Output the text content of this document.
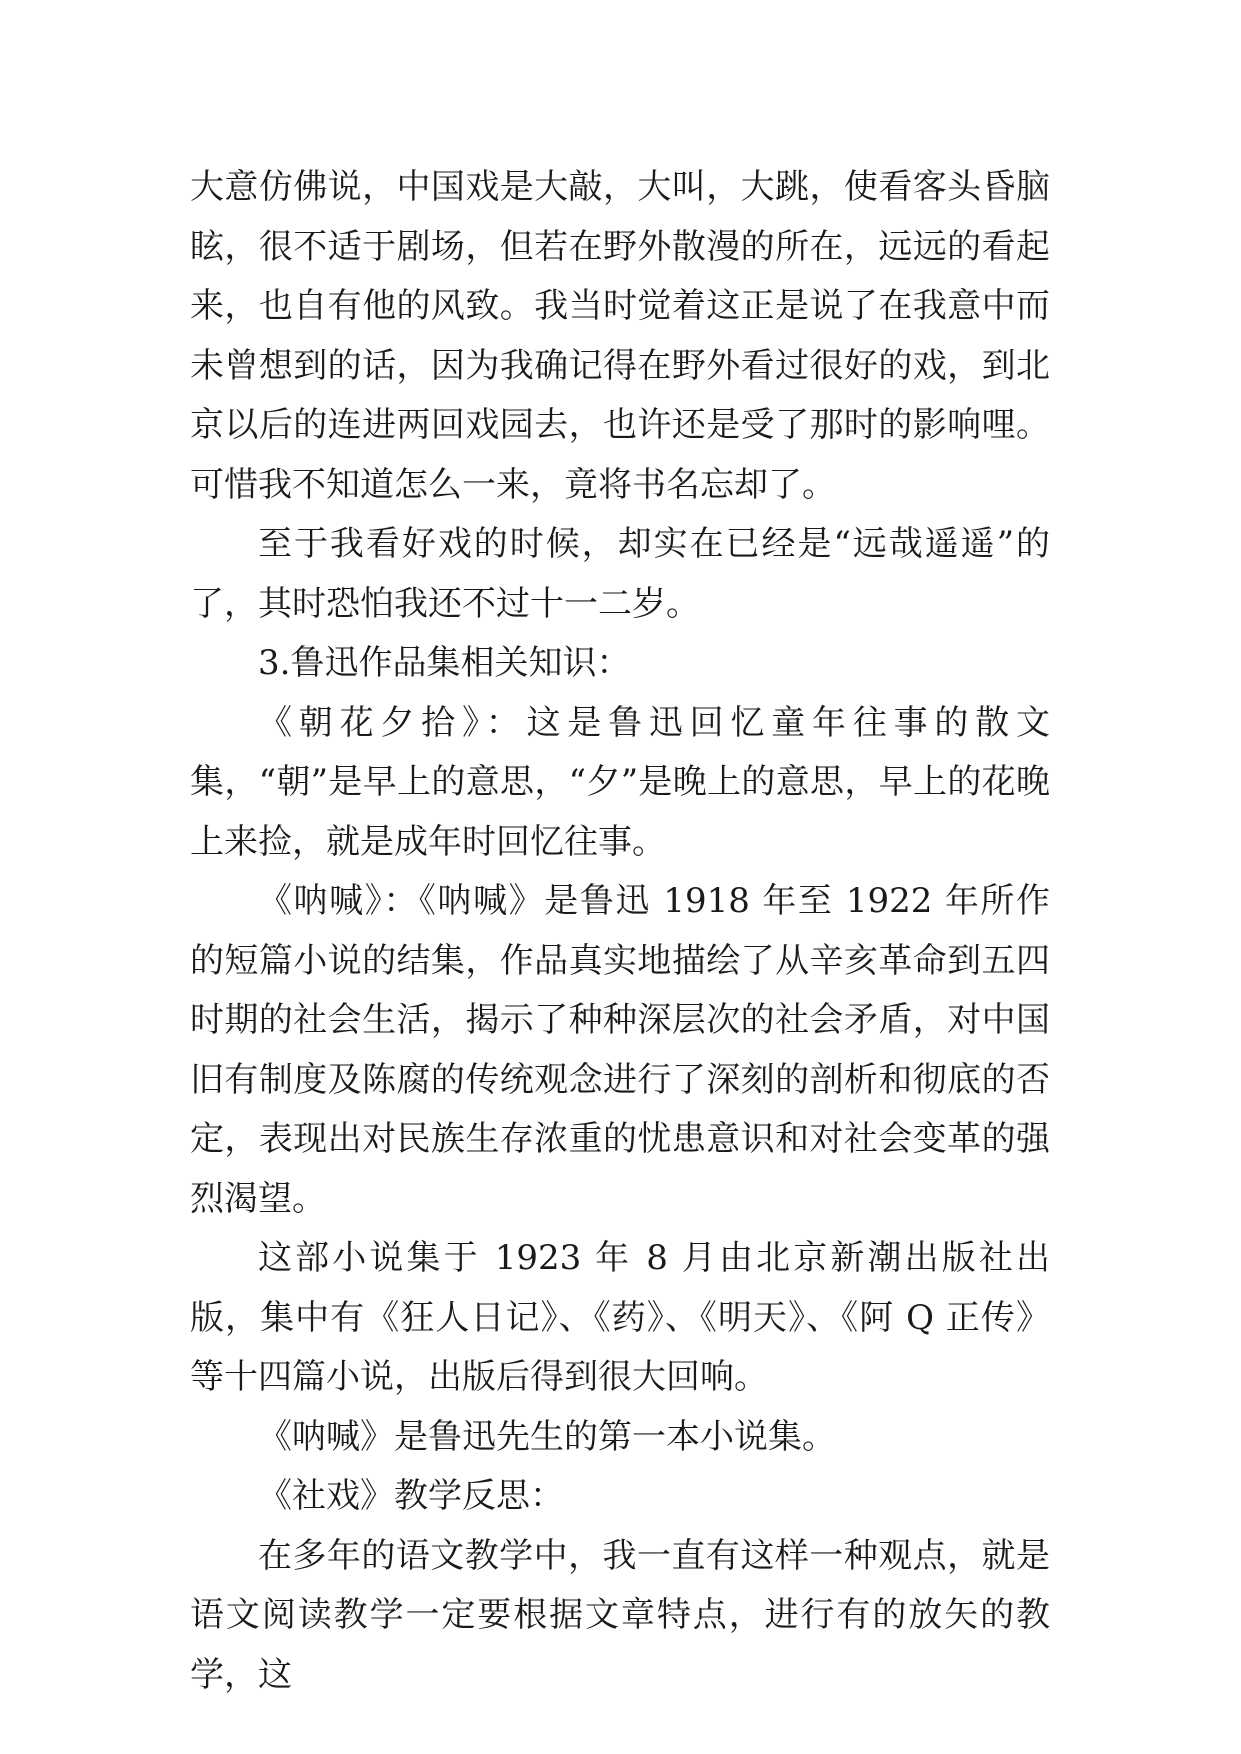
大意仿佛说，中国戏是大敲，大叫，大跳，使看客头昏脑眩，很不适于剧场，但若在野外散漫的所在，远远的看起来，也自有他的风致。我当时觉着这正是说了在我意中而未曾想到的话，因为我确记得在野外看过很好的戏，到北京以后的连进两回戏园去，也许还是受了那时的影响哩。可惜我不知道怎么一来，竟将书名忘却了。

至于我看好戏的时候，却实在已经是“远哉遥遥”的了，其时恐怕我还不过十一二岁。

3.鲁迅作品集相关知识：

《朝花夕拾》：这是鲁迅回忆童年往事的散文集，“朝”是早上的意思，“夕”是晚上的意思，早上的花晚上来捡，就是成年时回忆往事。

《呐喊》：《呐喊》是鲁迅 1918 年至 1922 年所作的短篇小说的结集，作品真实地描绘了从辛亥革命到五四时期的社会生活，揭示了种种深层次的社会矛盾，对中国旧有制度及陈腐的传统观念进行了深刻的剖析和彻底的否定，表现出对民族生存浓重的忧患意识和对社会变革的强烈渴望。

这部小说集于 1923 年 8 月由北京新潮出版社出版，集中有《狂人日记》、《药》、《明天》、《阿 Q 正传》等十四篇小说，出版后得到很大回响。

《呐喊》是鲁迅先生的第一本小说集。

《社戏》教学反思：

在多年的语文教学中，我一直有这样一种观点，就是语文阅读教学一定要根据文章特点，进行有的放矢的教学，这
